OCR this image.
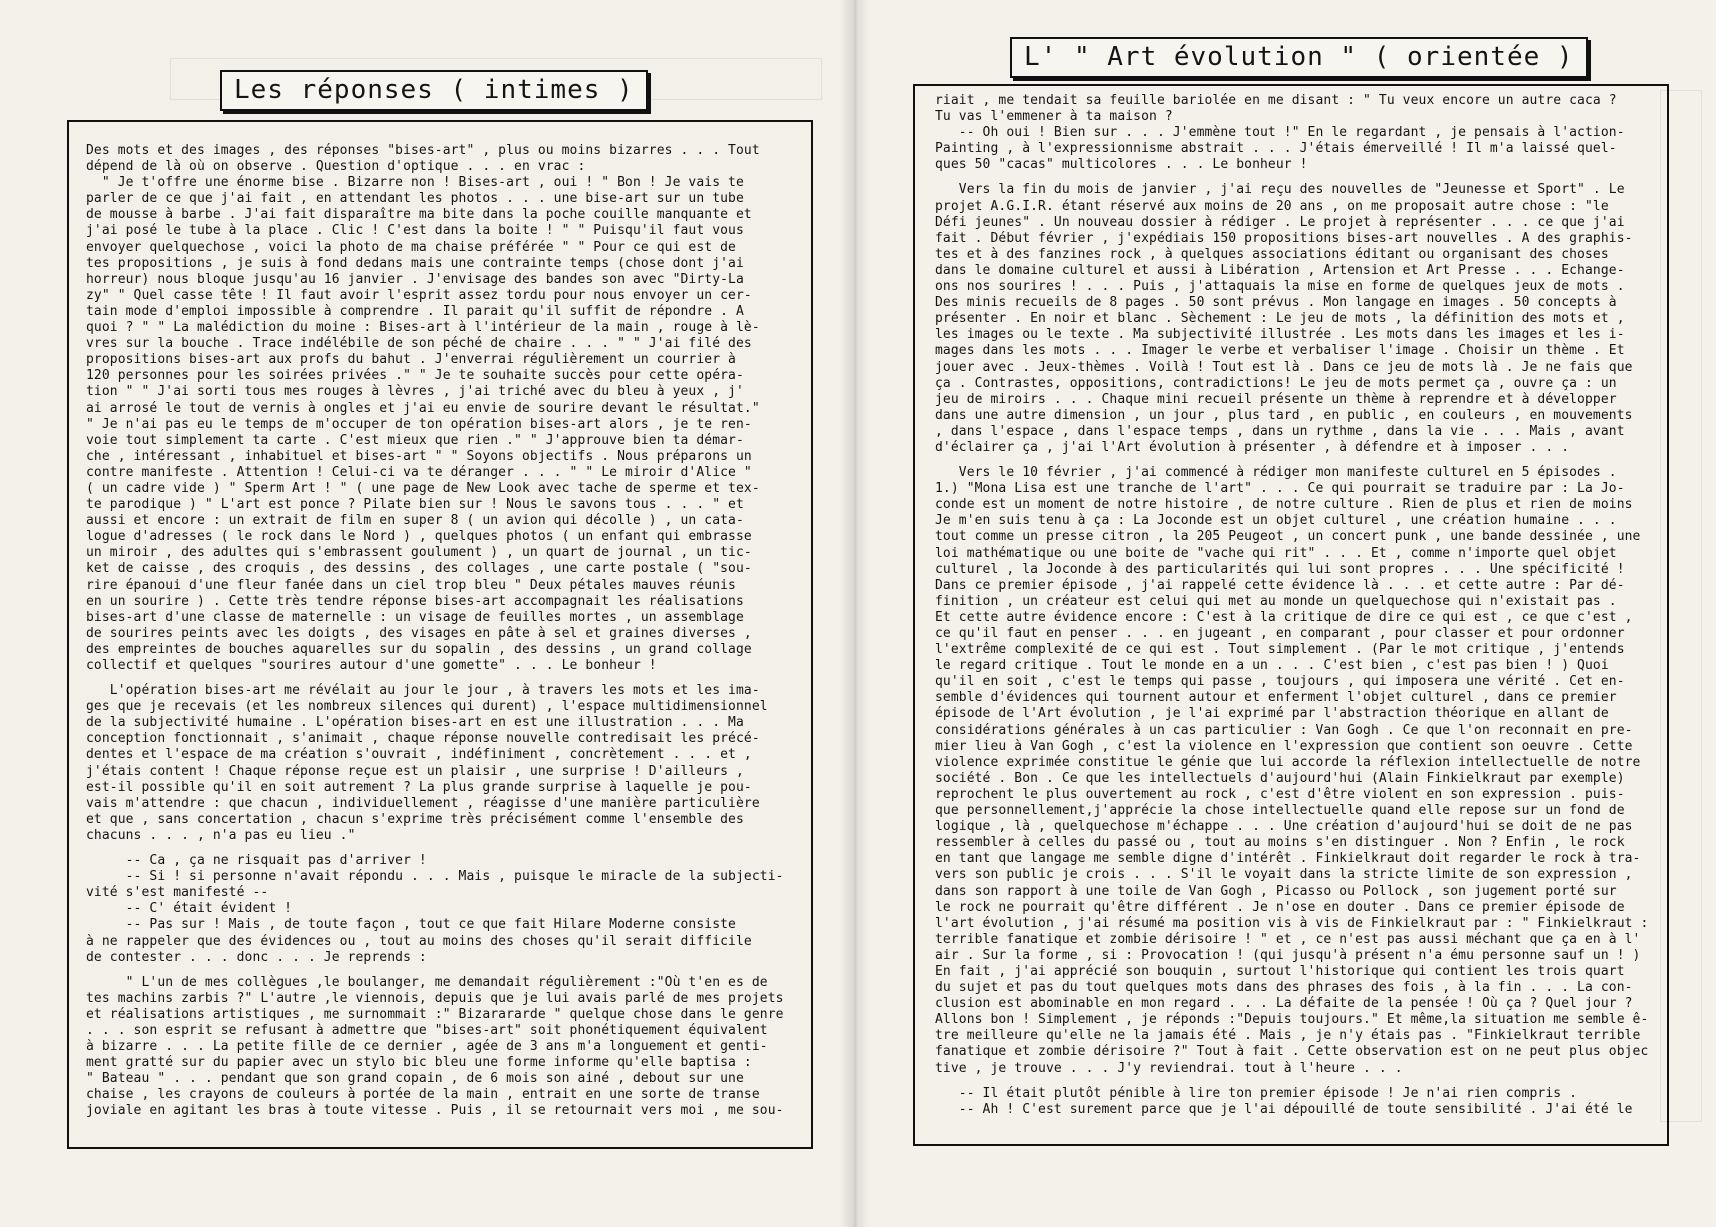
Les réponses ( intimes )
Des mots et des images , des réponses "bises-art" , plus ou moins bizarres . . . Tout
dépend de là où on observe . Question d'optique . . . en vrac :
" Je t'offre une énorme bise . Bizarre non ! Bises-art , oui ! " Bon ! Je vais te
parler de ce que j'ai fait , en attendant les photos . . . une bise-art sur un tube
de mousse à barbe . J'ai fait disparaître ma bite dans la poche couille manquante et
j'ai posé le tube à la place . Clic ! C'est dans la boite ! " " Puisqu'il faut vous
envoyer quelquechose , voici la photo de ma chaise préférée " " Pour ce qui est de
tes propositions , je suis à fond dedans mais une contrainte temps (chose dont j'ai
horreur) nous bloque jusqu'au 16 janvier . J'envisage des bandes son avec "Dirty-La
zy" " Quel casse tête ! Il faut avoir l'esprit assez tordu pour nous envoyer un cer-
tain mode d'emploi impossible à comprendre . Il parait qu'il suffit de répondre . A
quoi ? " " La malédiction du moine : Bises-art à l'intérieur de la main , rouge à lè-
vres sur la bouche . Trace indélébile de son péché de chaire . . . " " J'ai filé des
propositions bises-art aux profs du bahut . J'enverrai régulièrement un courrier à
120 personnes pour les soirées privées ." " Je te souhaite succès pour cette opéra-
tion " " J'ai sorti tous mes rouges à lèvres , j'ai triché avec du bleu à yeux , j'
ai arrosé le tout de vernis à ongles et j'ai eu envie de sourire devant le résultat."
" Je n'ai pas eu le temps de m'occuper de ton opération bises-art alors , je te ren-
voie tout simplement ta carte . C'est mieux que rien ." " J'approuve bien ta démar-
che , intéressant , inhabituel et bises-art " " Soyons objectifs . Nous préparons un
contre manifeste . Attention ! Celui-ci va te déranger . . . " " Le miroir d'Alice "
( un cadre vide ) " Sperm Art ! " ( une page de New Look avec tache de sperme et tex-
te parodique ) " L'art est ponce ? Pilate bien sur ! Nous le savons tous . . . " et
aussi et encore : un extrait de film en super 8 ( un avion qui décolle ) , un cata-
logue d'adresses ( le rock dans le Nord ) , quelques photos ( un enfant qui embrasse
un miroir , des adultes qui s'embrassent goulument ) , un quart de journal , un tic-
ket de caisse , des croquis , des dessins , des collages , une carte postale ( "sou-
rire épanoui d'une fleur fanée dans un ciel trop bleu " Deux pétales mauves réunis
en un sourire ) . Cette très tendre réponse bises-art accompagnait les réalisations
bises-art d'une classe de maternelle : un visage de feuilles mortes , un assemblage
de sourires peints avec les doigts , des visages en pâte à sel et graines diverses ,
des empreintes de bouches aquarelles sur du sopalin , des dessins , un grand collage
collectif et quelques "sourires autour d'une gomette" . . . Le bonheur !
L'opération bises-art me révélait au jour le jour , à travers les mots et les ima-
ges que je recevais (et les nombreux silences qui durent) , l'espace multidimensionnel
de la subjectivité humaine . L'opération bises-art en est une illustration . . . Ma
conception fonctionnait , s'animait , chaque réponse nouvelle contredisait les précé-
dentes et l'espace de ma création s'ouvrait , indéfiniment , concrètement . . . et ,
j'étais content ! Chaque réponse reçue est un plaisir , une surprise ! D'ailleurs ,
est-il possible qu'il en soit autrement ? La plus grande surprise à laquelle je pou-
vais m'attendre : que chacun , individuellement , réagisse d'une manière particulière
et que , sans concertation , chacun s'exprime très précisément comme l'ensemble des
chacuns . . . , n'a pas eu lieu ."
-- Ca , ça ne risquait pas d'arriver !
-- Si ! si personne n'avait répondu . . . Mais , puisque le miracle de la subjecti-
vité s'est manifesté --
-- C' était évident !
-- Pas sur ! Mais , de toute façon , tout ce que fait Hilare Moderne consiste
à ne rappeler que des évidences ou , tout au moins des choses qu'il serait difficile
de contester . . . donc . . . Je reprends :
" L'un de mes collègues ,le boulanger, me demandait régulièrement :"Où t'en es de
tes machins zarbis ?" L'autre ,le viennois, depuis que je lui avais parlé de mes projets
et réalisations artistiques , me surnommait :" Bizarararde " quelque chose dans le genre
. . . son esprit se refusant à admettre que "bises-art" soit phonétiquement équivalent
à bizarre . . . La petite fille de ce dernier , agée de 3 ans m'a longuement et genti-
ment gratté sur du papier avec un stylo bic bleu une forme informe qu'elle baptisa :
" Bateau " . . . pendant que son grand copain , de 6 mois son ainé , debout sur une
chaise , les crayons de couleurs à portée de la main , entrait en une sorte de transe
joviale en agitant les bras à toute vitesse . Puis , il se retournait vers moi , me sou-
L' " Art évolution " ( orientée )
riait , me tendait sa feuille bariolée en me disant : " Tu veux encore un autre caca ?
Tu vas l'emmener à ta maison ?
-- Oh oui ! Bien sur . . . J'emmène tout !" En le regardant , je pensais à l'action-
Painting , à l'expressionnisme abstrait . . . J'étais émerveillé ! Il m'a laissé quel-
ques 50 "cacas" multicolores . . . Le bonheur !
Vers la fin du mois de janvier , j'ai reçu des nouvelles de "Jeunesse et Sport" . Le
projet A.G.I.R. étant réservé aux moins de 20 ans , on me proposait autre chose : "le
Défi jeunes" . Un nouveau dossier à rédiger . Le projet à représenter . . . ce que j'ai
fait . Début février , j'expédiais 150 propositions bises-art nouvelles . A des graphis-
tes et à des fanzines rock , à quelques associations éditant ou organisant des choses
dans le domaine culturel et aussi à Libération , Artension et Art Presse . . . Echange-
ons nos sourires ! . . . Puis , j'attaquais la mise en forme de quelques jeux de mots .
Des minis recueils de 8 pages . 50 sont prévus . Mon langage en images . 50 concepts à
présenter . En noir et blanc . Sèchement : Le jeu de mots , la définition des mots et ,
les images ou le texte . Ma subjectivité illustrée . Les mots dans les images et les i-
mages dans les mots . . . Imager le verbe et verbaliser l'image . Choisir un thème . Et
jouer avec . Jeux-thèmes . Voilà ! Tout est là . Dans ce jeu de mots là . Je ne fais que
ça . Contrastes, oppositions, contradictions! Le jeu de mots permet ça , ouvre ça : un
jeu de miroirs . . . Chaque mini recueil présente un thème à reprendre et à développer
dans une autre dimension , un jour , plus tard , en public , en couleurs , en mouvements
, dans l'espace , dans l'espace temps , dans un rythme , dans la vie . . . Mais , avant
d'éclairer ça , j'ai l'Art évolution à présenter , à défendre et à imposer . . .
Vers le 10 février , j'ai commencé à rédiger mon manifeste culturel en 5 épisodes .
1.) "Mona Lisa est une tranche de l'art" . . . Ce qui pourrait se traduire par : La Jo-
conde est un moment de notre histoire , de notre culture . Rien de plus et rien de moins
Je m'en suis tenu à ça : La Joconde est un objet culturel , une création humaine . . .
tout comme un presse citron , la 205 Peugeot , un concert punk , une bande dessinée , une
loi mathématique ou une boite de "vache qui rit" . . . Et , comme n'importe quel objet
culturel , la Joconde à des particularités qui lui sont propres . . . Une spécificité !
Dans ce premier épisode , j'ai rappelé cette évidence là . . . et cette autre : Par dé-
finition , un créateur est celui qui met au monde un quelquechose qui n'existait pas .
Et cette autre évidence encore : C'est à la critique de dire ce qui est , ce que c'est ,
ce qu'il faut en penser . . . en jugeant , en comparant , pour classer et pour ordonner
l'extrême complexité de ce qui est . Tout simplement . (Par le mot critique , j'entends
le regard critique . Tout le monde en a un . . . C'est bien , c'est pas bien ! ) Quoi
qu'il en soit , c'est le temps qui passe , toujours , qui imposera une vérité . Cet en-
semble d'évidences qui tournent autour et enferment l'objet culturel , dans ce premier
épisode de l'Art évolution , je l'ai exprimé par l'abstraction théorique en allant de
considérations générales à un cas particulier : Van Gogh . Ce que l'on reconnait en pre-
mier lieu à Van Gogh , c'est la violence en l'expression que contient son oeuvre . Cette
violence exprimée constitue le génie que lui accorde la réflexion intellectuelle de notre
société . Bon . Ce que les intellectuels d'aujourd'hui (Alain Finkielkraut par exemple)
reprochent le plus ouvertement au rock , c'est d'être violent en son expression . puis-
que personnellement,j'apprécie la chose intellectuelle quand elle repose sur un fond de
logique , là , quelquechose m'échappe . . . Une création d'aujourd'hui se doit de ne pas
ressembler à celles du passé ou , tout au moins s'en distinguer . Non ? Enfin , le rock
en tant que langage me semble digne d'intérêt . Finkielkraut doit regarder le rock à tra-
vers son public je crois . . . S'il le voyait dans la stricte limite de son expression ,
dans son rapport à une toile de Van Gogh , Picasso ou Pollock , son jugement porté sur
le rock ne pourrait qu'être différent . Je n'ose en douter . Dans ce premier épisode de
l'art évolution , j'ai résumé ma position vis à vis de Finkielkraut par : " Finkielkraut :
terrible fanatique et zombie dérisoire ! " et , ce n'est pas aussi méchant que ça en à l'
air . Sur la forme , si : Provocation ! (qui jusqu'à présent n'a ému personne sauf un ! )
En fait , j'ai apprécié son bouquin , surtout l'historique qui contient les trois quart
du sujet et pas du tout quelques mots dans des phrases des fois , à la fin . . . La con-
clusion est abominable en mon regard . . . La défaite de la pensée ! Où ça ? Quel jour ?
Allons bon ! Simplement , je réponds :"Depuis toujours." Et même,la situation me semble ê-
tre meilleure qu'elle ne la jamais été . Mais , je n'y étais pas . "Finkielkraut terrible
fanatique et zombie dérisoire ?" Tout à fait . Cette observation est on ne peut plus objec
tive , je trouve . . . J'y reviendrai. tout à l'heure . . .
-- Il était plutôt pénible à lire ton premier épisode ! Je n'ai rien compris .
-- Ah ! C'est surement parce que je l'ai dépouillé de toute sensibilité . J'ai été le
